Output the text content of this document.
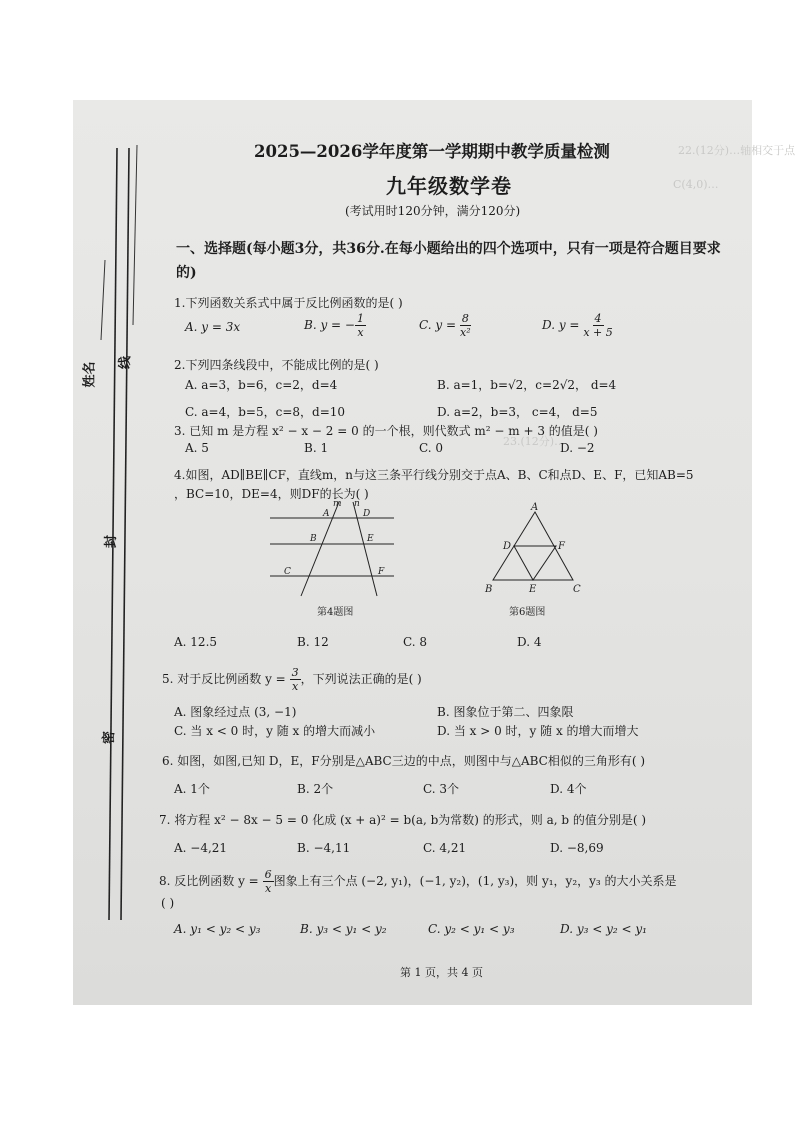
22.(12分)…轴相交于点
C(4,0)…
23.(12分)…
姓名	线
封
密
2025—2026学年度第一学期期中教学质量检测
九年级数学卷
(考试用时120分钟，满分120分)
一、选择题(每小题3分，共36分.在每小题给出的四个选项中，只有一项是符合题目要求
的)
1.下列函数关系式中属于反比例函数的是( )
A. y = 3x	B. y = − $\frac{1}{x}$	C. $y = \frac{8}{\text{x²}}$	D. $y = \frac{4}{x + 5}$
2.下列四条线段中，不能成比例的是( )
A. a=3，b=6，c=2，d=4	B. a=1，b=√2，c=2√2， d=4
C. a=4，b=5，c=8，d=10	D. a=2，b=3， c=4， d=5
3. 已知 m 是方程 x² − x − 2 = 0 的一个根，则代数式 m² − m + 3 的值是( )
A. 5	B. 1	C. 0	D. −2
4.如图，AD∥BE∥CF，直线m，n与这三条平行线分别交于点A、B、C和点D、E、F，已知AB=5
，BC=10，DE=4，则DF的长为( )
m n
A	D
B	E
C	F
第4题图
A
D	F
B	E	C
第6题图
A. 12.5	B. 12	C. 8	D. 4
5. 对于反比例函数 $y = \frac{3}{x}$ ，下列说法正确的是( )
A. 图象经过点 (3, −1)	B. 图象位于第二、四象限
C. 当 x < 0 时，y 随 x 的增大而减小	D. 当 x > 0 时，y 随 x 的增大而增大
6. 如图，如图,已知 D，E，F分别是△ABC三边的中点，则图中与△ABC相似的三角形有( )
A. 1个	B. 2个	C. 3个	D. 4个
7. 将方程 x² − 8x − 5 = 0 化成 (x + a)² = b(a, b为常数) 的形式，则 a, b 的值分别是( )
A. −4,21	B. −4,11	C. 4,21	D. −8,69
8. 反比例函数 $y = \frac{6}{x}$ 图象上有三个点 (−2, y₁)，(−1, y₂)，(1, y₃)，则 y₁，y₂，y₃ 的大小关系是
( )
A. y₁ < y₂ < y₃	B. y₃ < y₁ < y₂	C. y₂ < y₁ < y₃	D. y₃ < y₂ < y₁
第 1 页，共 4 页
